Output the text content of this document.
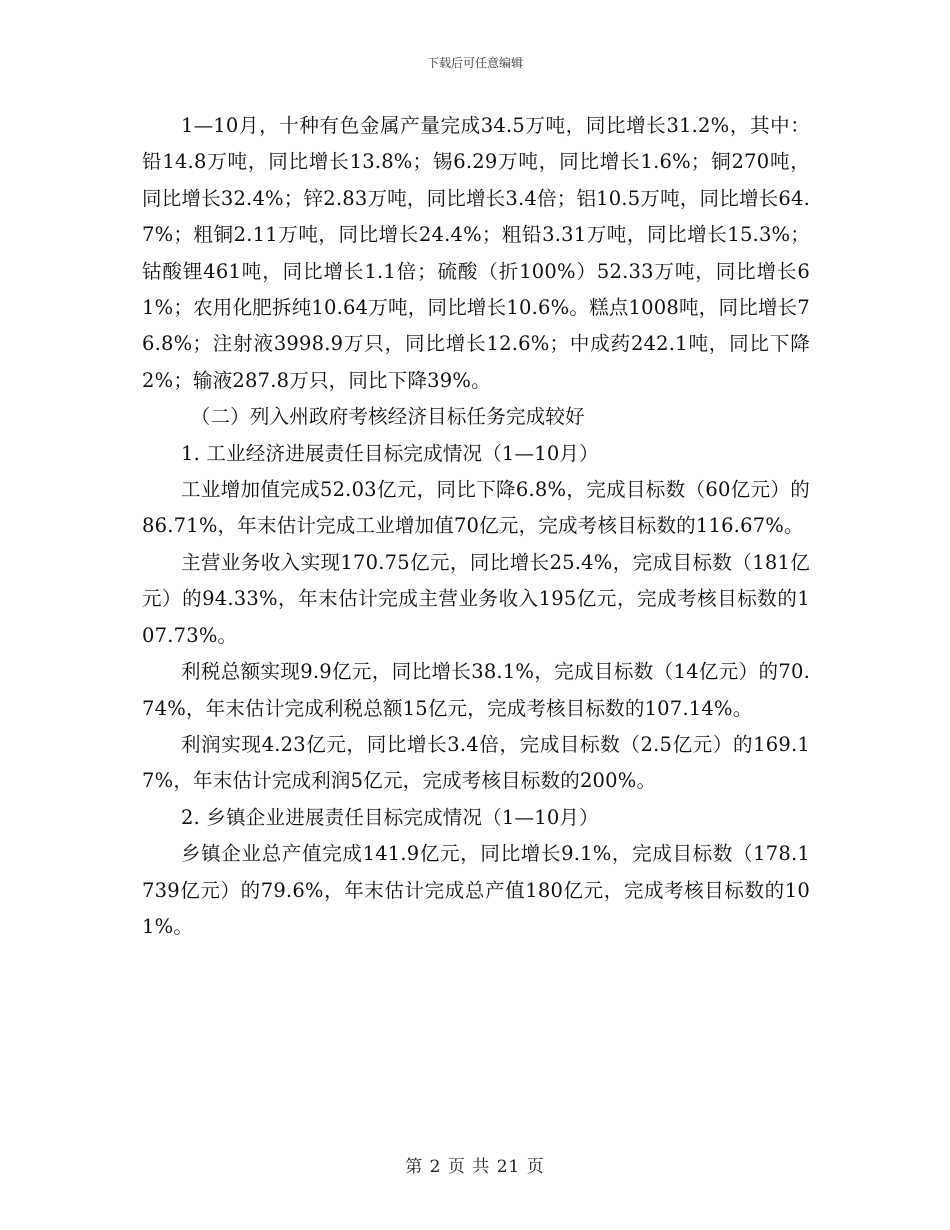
下载后可任意编辑

1—10月，十种有色金属产量完成34.5万吨，同比增长31.2%，其中：铅14.8万吨，同比增长13.8%；锡6.29万吨，同比增长1.6%；铜270吨，同比增长32.4%；锌2.83万吨，同比增长3.4倍；铝10.5万吨，同比增长64.7%；粗铜2.11万吨，同比增长24.4%；粗铅3.31万吨，同比增长15.3%；钴酸锂461吨，同比增长1.1倍；硫酸（折100%）52.33万吨，同比增长61%；农用化肥拆纯10.64万吨，同比增长10.6%。糕点1008吨，同比增长76.8%；注射液3998.9万只，同比增长12.6%；中成药242.1吨，同比下降2%；输液287.8万只，同比下降39%。

（二）列入州政府考核经济目标任务完成较好

1. 工业经济进展责任目标完成情况（1—10月）

工业增加值完成52.03亿元，同比下降6.8%，完成目标数（60亿元）的86.71%，年末估计完成工业增加值70亿元，完成考核目标数的116.67%。

主营业务收入实现170.75亿元，同比增长25.4%，完成目标数（181亿元）的94.33%，年末估计完成主营业务收入195亿元，完成考核目标数的107.73%。

利税总额实现9.9亿元，同比增长38.1%，完成目标数（14亿元）的70.74%，年末估计完成利税总额15亿元，完成考核目标数的107.14%。

利润实现4.23亿元，同比增长3.4倍，完成目标数（2.5亿元）的169.17%，年末估计完成利润5亿元，完成考核目标数的200%。

2. 乡镇企业进展责任目标完成情况（1—10月）

乡镇企业总产值完成141.9亿元，同比增长9.1%，完成目标数（178.1739亿元）的79.6%，年末估计完成总产值180亿元，完成考核目标数的101%。

第 2 页 共 21 页
